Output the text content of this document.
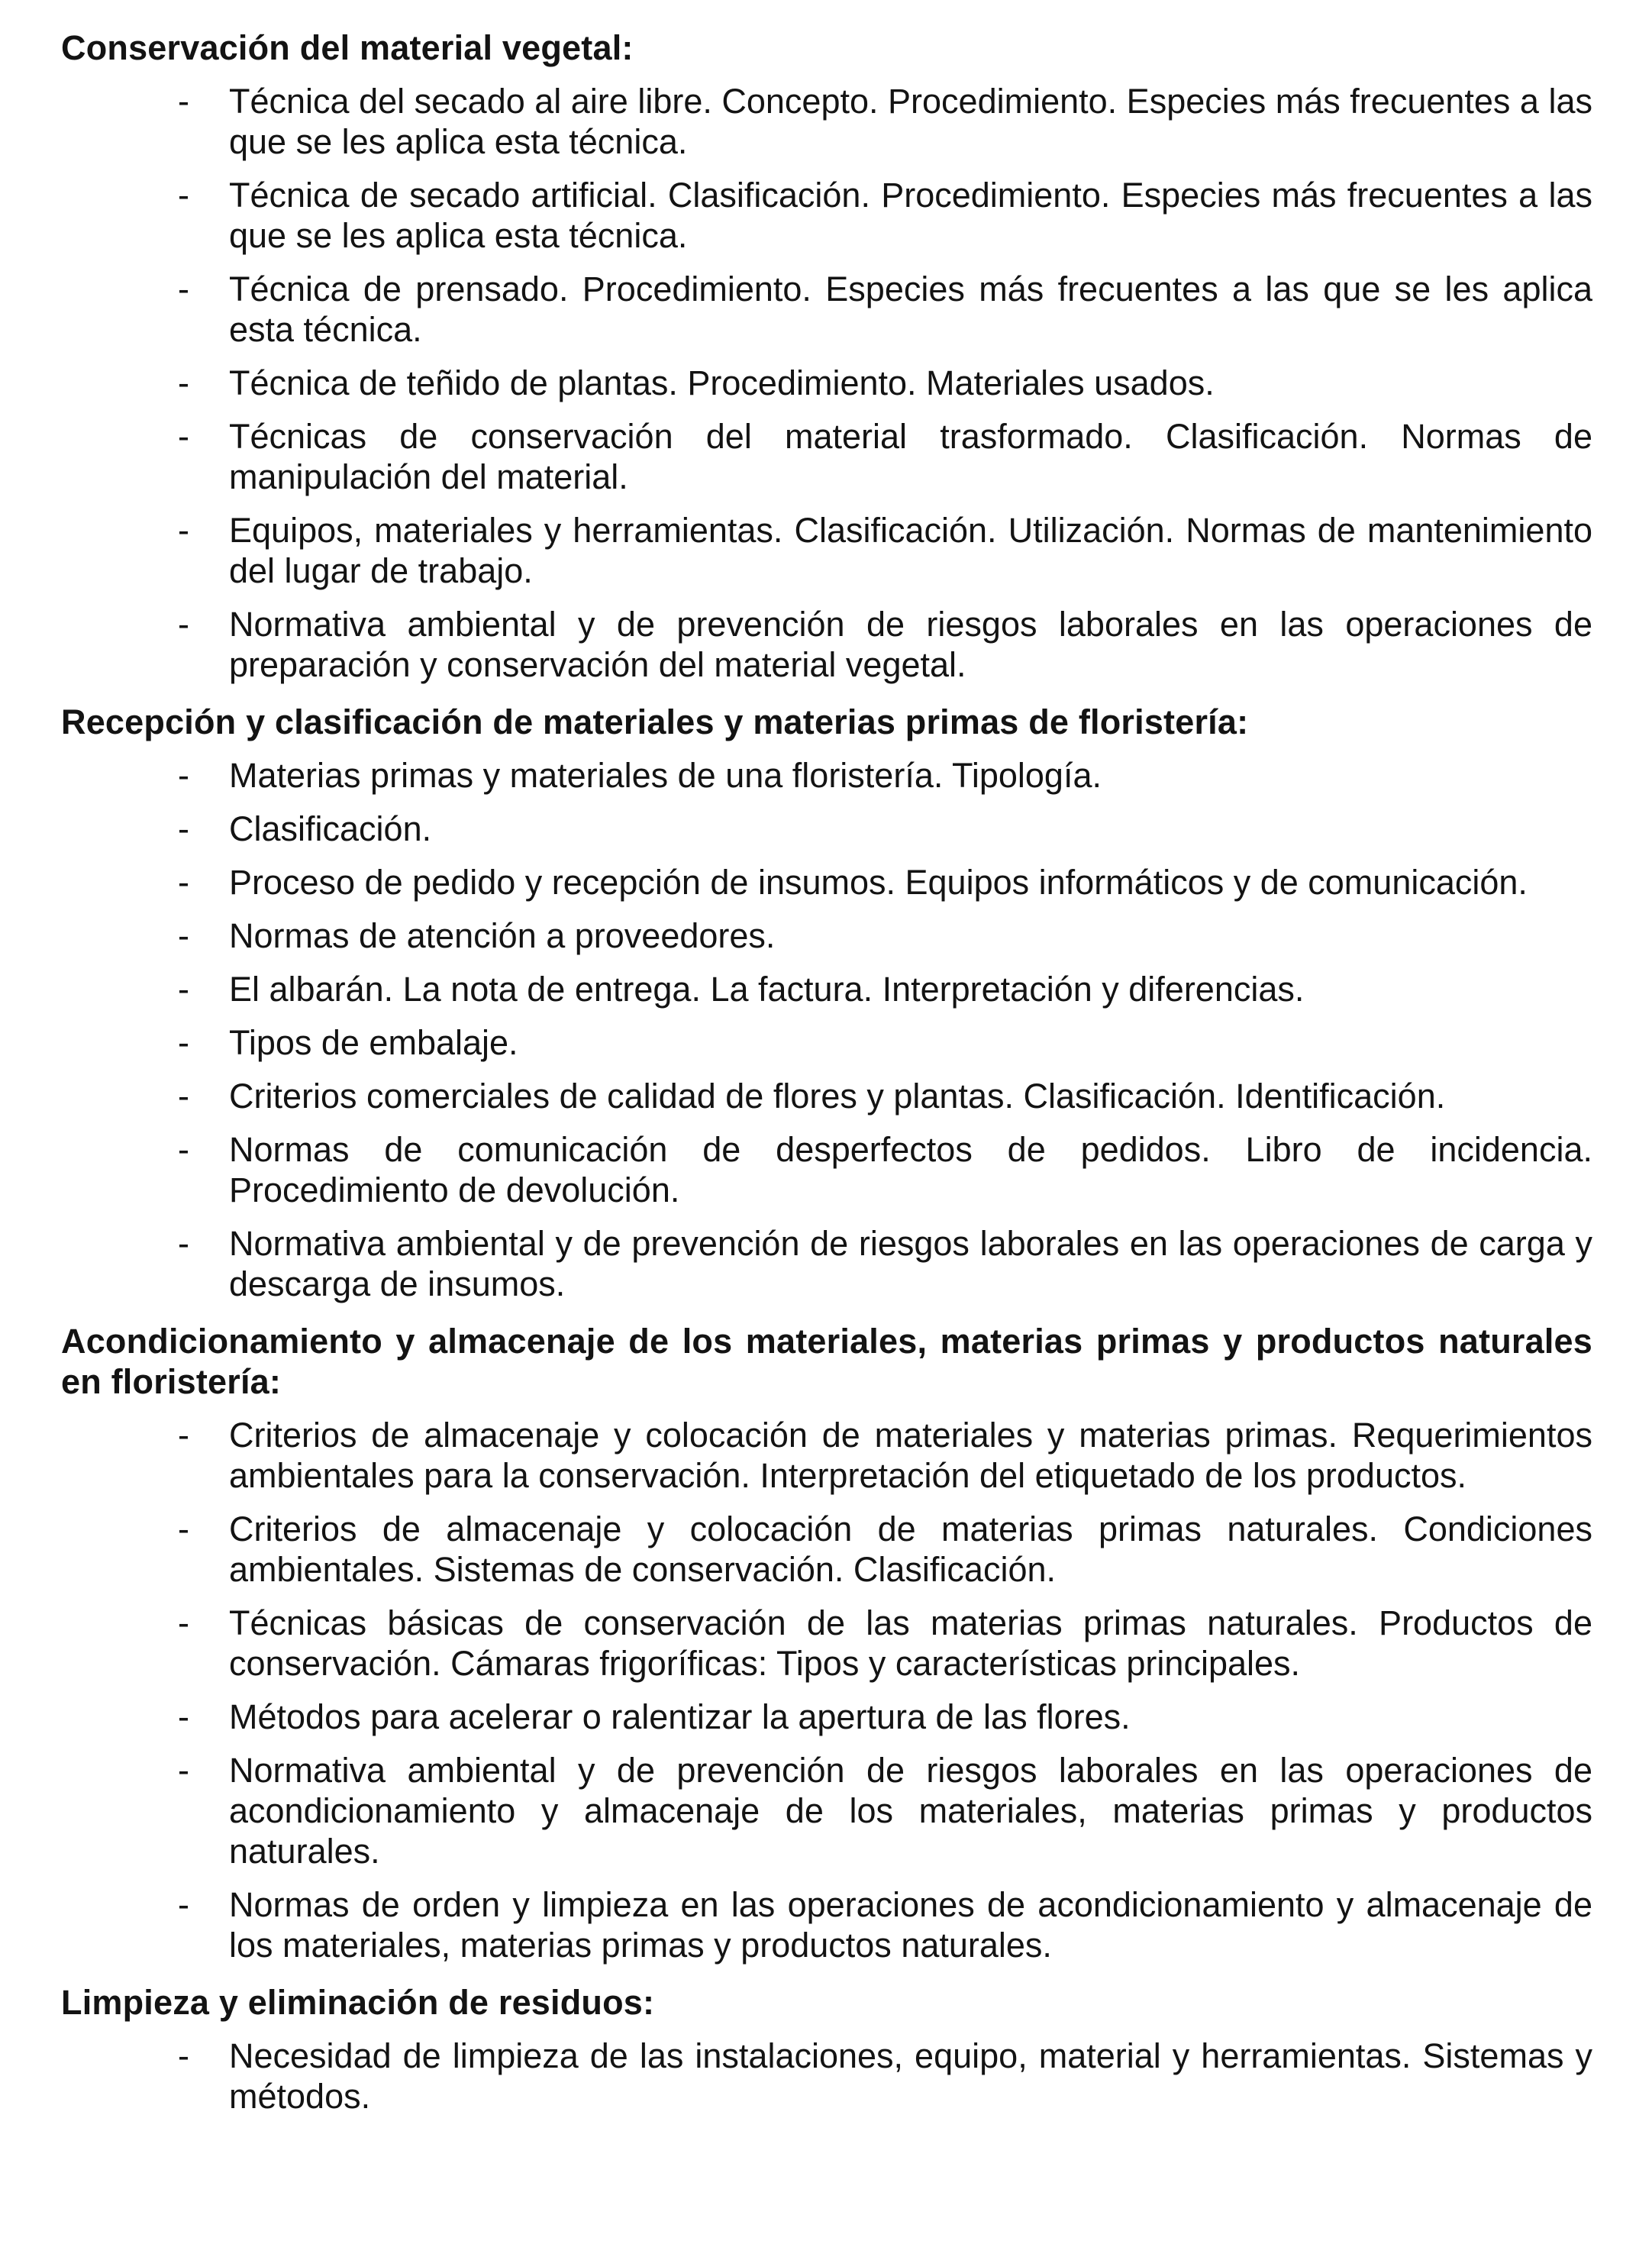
Conservación del material vegetal:
- Técnica del secado al aire libre. Concepto. Procedimiento. Especies más frecuentes a las que se les aplica esta técnica.
- Técnica de secado artificial. Clasificación. Procedimiento. Especies más frecuentes a las que se les aplica esta técnica.
- Técnica de prensado. Procedimiento. Especies más frecuentes a las que se les aplica esta técnica.
- Técnica de teñido de plantas. Procedimiento. Materiales usados.
- Técnicas de conservación del material trasformado. Clasificación. Normas de manipulación del material.
- Equipos, materiales y herramientas. Clasificación. Utilización. Normas de mantenimiento del lugar de trabajo.
- Normativa ambiental y de prevención de riesgos laborales en las operaciones de preparación y conservación del material vegetal.
Recepción y clasificación de materiales y materias primas de floristería:
- Materias primas y materiales de una floristería. Tipología.
- Clasificación.
- Proceso de pedido y recepción de insumos. Equipos informáticos y de comunicación.
- Normas de atención a proveedores.
- El albarán. La nota de entrega. La factura. Interpretación y diferencias.
- Tipos de embalaje.
- Criterios comerciales de calidad de flores y plantas. Clasificación. Identificación.
- Normas de comunicación de desperfectos de pedidos. Libro de incidencia. Procedimiento de devolución.
- Normativa ambiental y de prevención de riesgos laborales en las operaciones de carga y descarga de insumos.
Acondicionamiento y almacenaje de los materiales, materias primas y productos naturales en floristería:
- Criterios de almacenaje y colocación de materiales y materias primas. Requerimientos ambientales para la conservación. Interpretación del etiquetado de los productos.
- Criterios de almacenaje y colocación de materias primas naturales. Condiciones ambientales. Sistemas de conservación. Clasificación.
- Técnicas básicas de conservación de las materias primas naturales. Productos de conservación. Cámaras frigoríficas: Tipos y características principales.
- Métodos para acelerar o ralentizar la apertura de las flores.
- Normativa ambiental y de prevención de riesgos laborales en las operaciones de acondicionamiento y almacenaje de los materiales, materias primas y productos naturales.
- Normas de orden y limpieza en las operaciones de acondicionamiento y almacenaje de los materiales, materias primas y productos naturales.
Limpieza y eliminación de residuos:
- Necesidad de limpieza de las instalaciones, equipo, material y herramientas. Sistemas y métodos.
